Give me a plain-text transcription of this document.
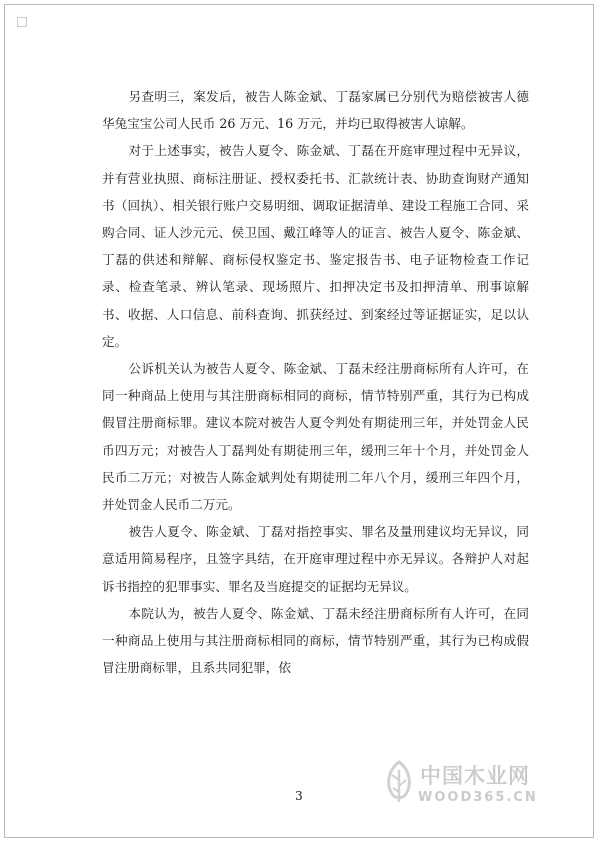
另查明三，案发后，被告人陈金斌、丁磊家属已分别代为赔偿被害人德华兔宝宝公司人民币 26 万元、16 万元，并均已取得被害人谅解。

对于上述事实，被告人夏令、陈金斌、丁磊在开庭审理过程中无异议，并有营业执照、商标注册证、授权委托书、汇款统计表、协助查询财产通知书（回执）、相关银行账户交易明细、调取证据清单、建设工程施工合同、采购合同、证人沙元元、侯卫国、戴江峰等人的证言、被告人夏令、陈金斌、丁磊的供述和辩解、商标侵权鉴定书、鉴定报告书、电子证物检查工作记录、检查笔录、辨认笔录、现场照片、扣押决定书及扣押清单、刑事谅解书、收据、人口信息、前科查询、抓获经过、到案经过等证据证实，足以认定。

公诉机关认为被告人夏令、陈金斌、丁磊未经注册商标所有人许可，在同一种商品上使用与其注册商标相同的商标，情节特别严重，其行为已构成假冒注册商标罪。建议本院对被告人夏令判处有期徒刑三年，并处罚金人民币四万元；对被告人丁磊判处有期徒刑三年，缓刑三年十个月，并处罚金人民币二万元；对被告人陈金斌判处有期徒刑二年八个月，缓刑三年四个月，并处罚金人民币二万元。

被告人夏令、陈金斌、丁磊对指控事实、罪名及量刑建议均无异议，同意适用简易程序，且签字具结，在开庭审理过程中亦无异议。各辩护人对起诉书指控的犯罪事实、罪名及当庭提交的证据均无异议。

本院认为，被告人夏令、陈金斌、丁磊未经注册商标所有人许可，在同一种商品上使用与其注册商标相同的商标，情节特别严重，其行为已构成假冒注册商标罪，且系共同犯罪，依

3
中国木业网
WOOD365.CN
